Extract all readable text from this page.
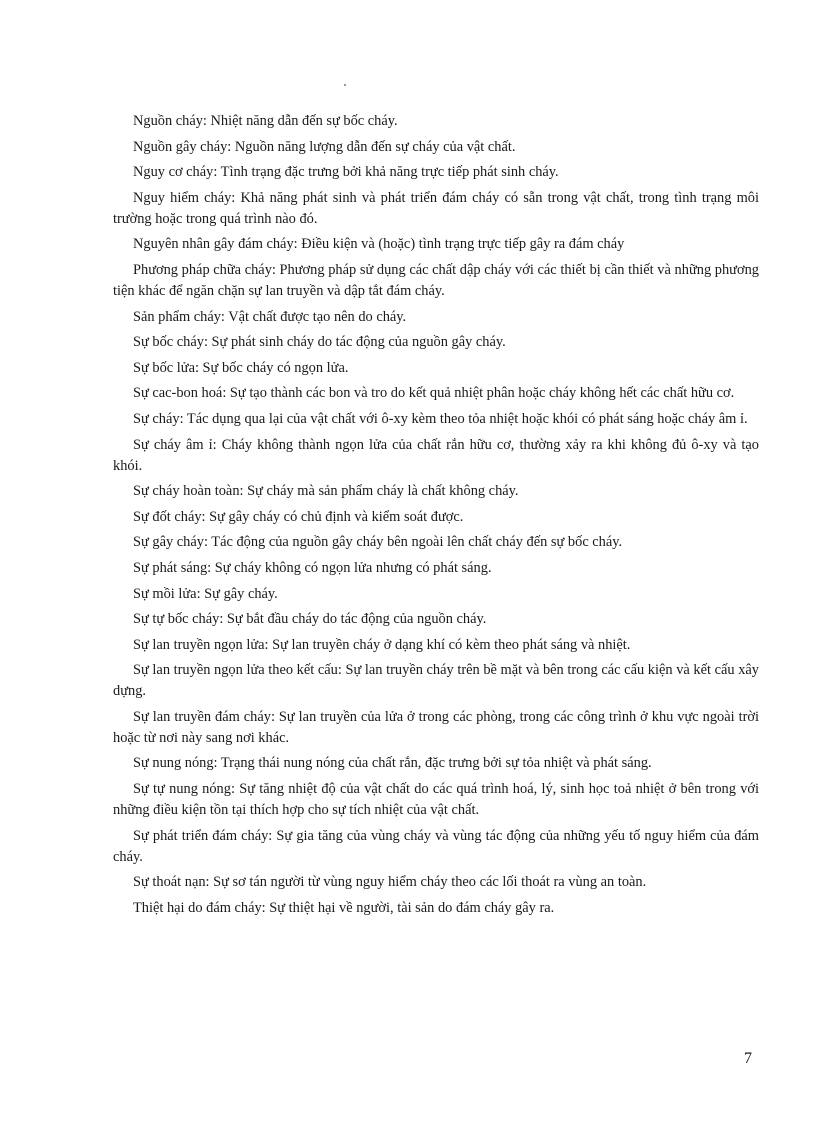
Nguồn cháy: Nhiệt năng dẫn đến sự bốc cháy.

Nguồn gây cháy: Nguồn năng lượng dẫn đến sự cháy của vật chất.

Nguy cơ cháy: Tình trạng đặc trưng bởi khả năng trực tiếp phát sinh cháy.

Nguy hiểm cháy: Khả năng phát sinh và phát triển đám cháy có sẵn trong vật chất, trong tình trạng môi trường hoặc trong quá trình nào đó.

Nguyên nhân gây đám cháy: Điều kiện và (hoặc) tình trạng trực tiếp gây ra đám cháy

Phương pháp chữa cháy: Phương pháp sử dụng các chất dập cháy với các thiết bị cần thiết và những phương tiện khác để ngăn chặn sự lan truyền và dập tắt đám cháy.

Sản phẩm cháy: Vật chất được tạo nên do cháy.

Sự bốc cháy: Sự phát sinh cháy do tác động của nguồn gây cháy.

Sự bốc lửa: Sự bốc cháy có ngọn lửa.

Sự cac-bon hoá: Sự tạo thành các bon và tro do kết quả nhiệt phân hoặc cháy không hết các chất hữu cơ.

Sự cháy: Tác dụng qua lại của vật chất với ô-xy kèm theo tỏa nhiệt hoặc khói có phát sáng hoặc cháy âm ỉ.

Sự cháy âm ỉ: Cháy không thành ngọn lửa của chất rắn hữu cơ, thường xảy ra khi không đủ ô-xy và tạo khói.

Sự cháy hoàn toàn: Sự cháy mà sản phẩm cháy là chất không cháy.

Sự đốt cháy: Sự gây cháy có chủ định và kiểm soát được.

Sự gây cháy: Tác động của nguồn gây cháy bên ngoài lên chất cháy đến sự bốc cháy.

Sự phát sáng: Sự cháy không có ngọn lửa nhưng có phát sáng.

Sự mồi lửa: Sự gây cháy.

Sự tự bốc cháy: Sự bắt đầu cháy do tác động của nguồn cháy.

Sự lan truyền ngọn lửa: Sự lan truyền cháy ở dạng khí có kèm theo phát sáng và nhiệt.

Sự lan truyền ngọn lửa theo kết cấu: Sự lan truyền cháy trên bề mặt và bên trong các cấu kiện và kết cấu xây dựng.

Sự lan truyền đám cháy: Sự lan truyền của lửa ở trong các phòng, trong các công trình ở khu vực ngoài trời hoặc từ nơi này sang nơi khác.

Sự nung nóng: Trạng thái nung nóng của chất rắn, đặc trưng bởi sự tỏa nhiệt và phát sáng.

Sự tự nung nóng: Sự tăng nhiệt độ của vật chất do các quá trình hoá, lý, sinh học toả nhiệt ở bên trong với những điều kiện tồn tại thích hợp cho sự tích nhiệt của vật chất.

Sự phát triển đám cháy: Sự gia tăng của vùng cháy và vùng tác động của những yếu tố nguy hiểm của đám cháy.

Sự thoát nạn: Sự sơ tán người từ vùng nguy hiểm cháy theo các lối thoát ra vùng an toàn.

Thiệt hại do đám cháy: Sự thiệt hại về người, tài sản do đám cháy gây ra.

7
